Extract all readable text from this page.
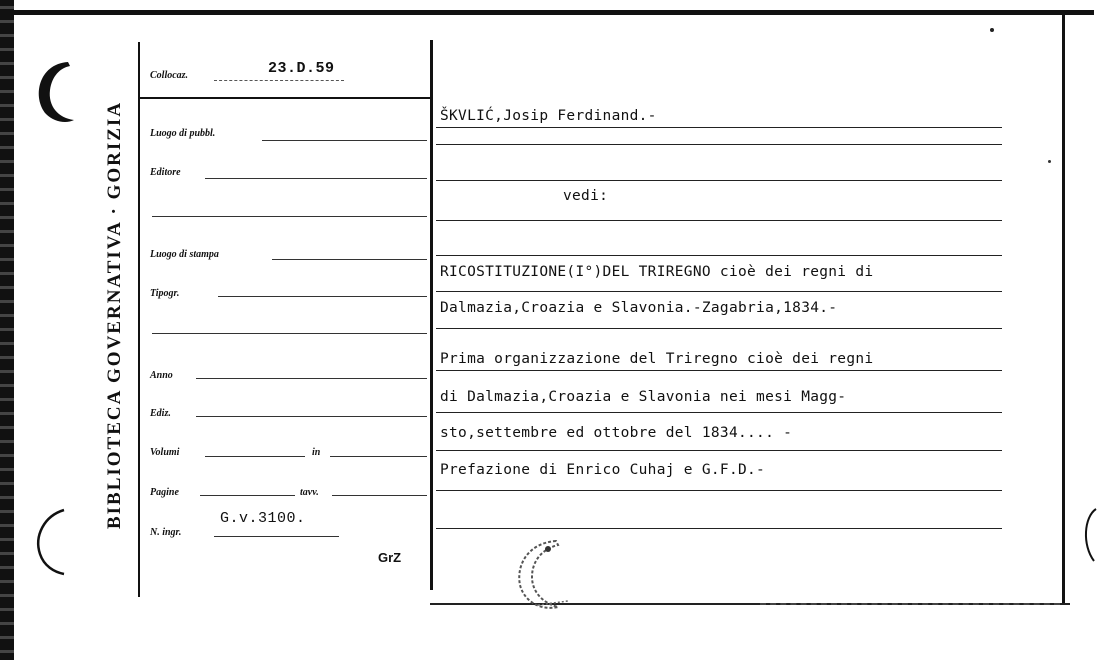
BIBLIOTECA GOVERNATIVA · GORIZIA
Collocaz.	23.D.59
Luogo di pubbl.
Editore
Luogo di stampa
Tipogr.
Anno
Ediz.
Volumi	in
Pagine	tavv.
N. ingr.
G.v.3100.
GrZ
ŠKVLIĆ,Josip Ferdinand.-
vedi:
RICOSTITUZIONE(I°)DEL TRIREGNO cioè dei regni di
Dalmazia,Croazia e Slavonia.-Zagabria,1834.-
Prima organizzazione del Triregno cioè dei regni
di Dalmazia,Croazia e Slavonia nei mesi Magg-
sto,settembre ed ottobre del 1834.... -
Prefazione di Enrico Cuhaj e G.F.D.-
